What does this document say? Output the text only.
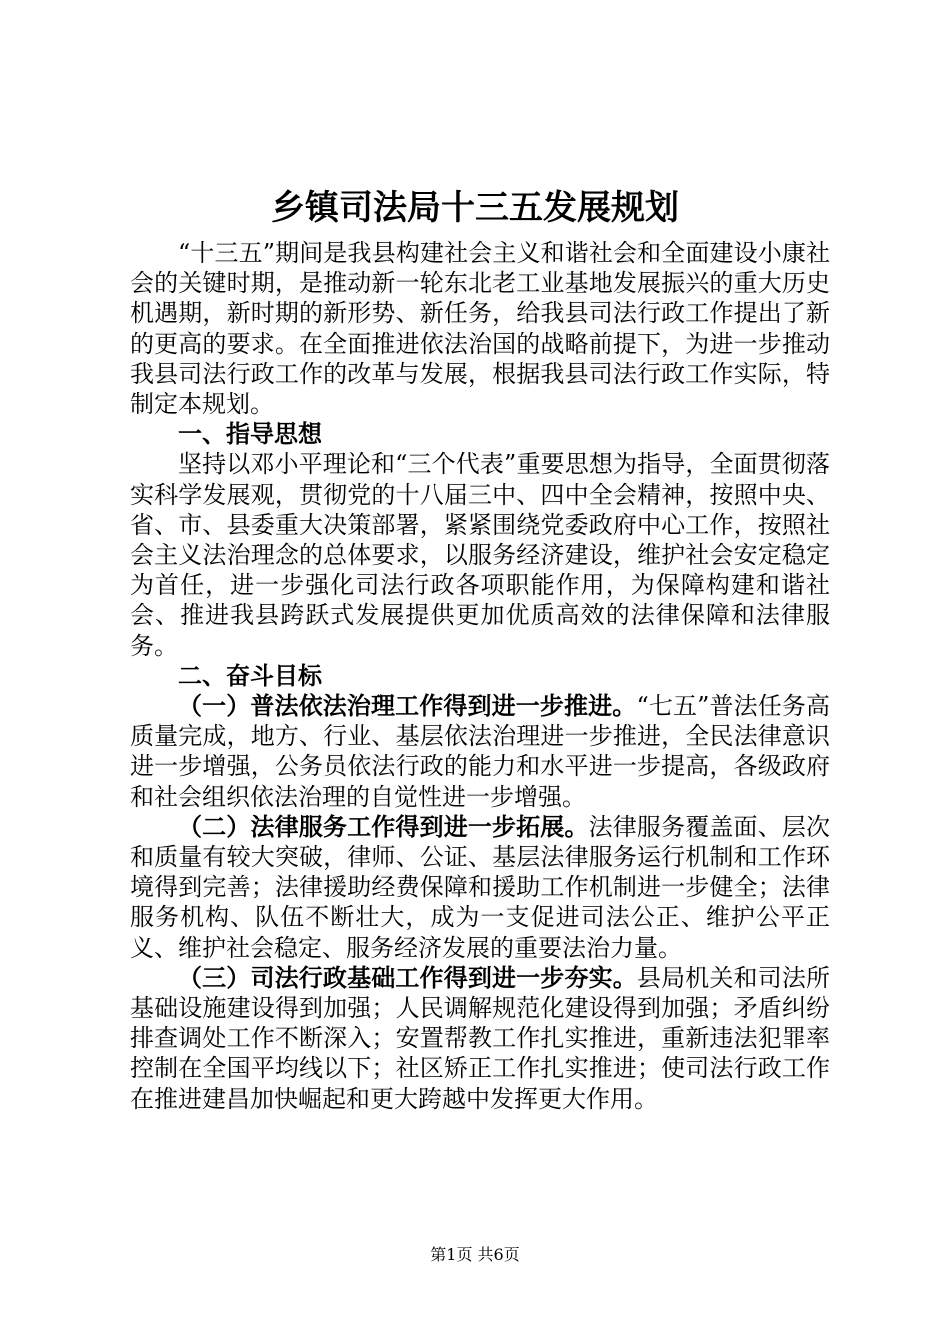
乡镇司法局十三五发展规划

“十三五”期间是我县构建社会主义和谐社会和全面建设小康社会的关键时期，是推动新一轮东北老工业基地发展振兴的重大历史机遇期，新时期的新形势、新任务，给我县司法行政工作提出了新的更高的要求。在全面推进依法治国的战略前提下，为进一步推动我县司法行政工作的改革与发展，根据我县司法行政工作实际，特制定本规划。

一、指导思想

坚持以邓小平理论和“三个代表”重要思想为指导，全面贯彻落实科学发展观，贯彻党的十八届三中、四中全会精神，按照中央、省、市、县委重大决策部署，紧紧围绕党委政府中心工作，按照社会主义法治理念的总体要求，以服务经济建设，维护社会安定稳定为首任，进一步强化司法行政各项职能作用，为保障构建和谐社会、推进我县跨跃式发展提供更加优质高效的法律保障和法律服务。

二、奋斗目标

（一）普法依法治理工作得到进一步推进。“七五”普法任务高质量完成，地方、行业、基层依法治理进一步推进，全民法律意识进一步增强，公务员依法行政的能力和水平进一步提高，各级政府和社会组织依法治理的自觉性进一步增强。

（二）法律服务工作得到进一步拓展。法律服务覆盖面、层次和质量有较大突破，律师、公证、基层法律服务运行机制和工作环境得到完善；法律援助经费保障和援助工作机制进一步健全；法律服务机构、队伍不断壮大，成为一支促进司法公正、维护公平正义、维护社会稳定、服务经济发展的重要法治力量。

（三）司法行政基础工作得到进一步夯实。县局机关和司法所基础设施建设得到加强；人民调解规范化建设得到加强；矛盾纠纷排查调处工作不断深入；安置帮教工作扎实推进，重新违法犯罪率控制在全国平均线以下；社区矫正工作扎实推进；使司法行政工作在推进建昌加快崛起和更大跨越中发挥更大作用。

第1页 共6页
